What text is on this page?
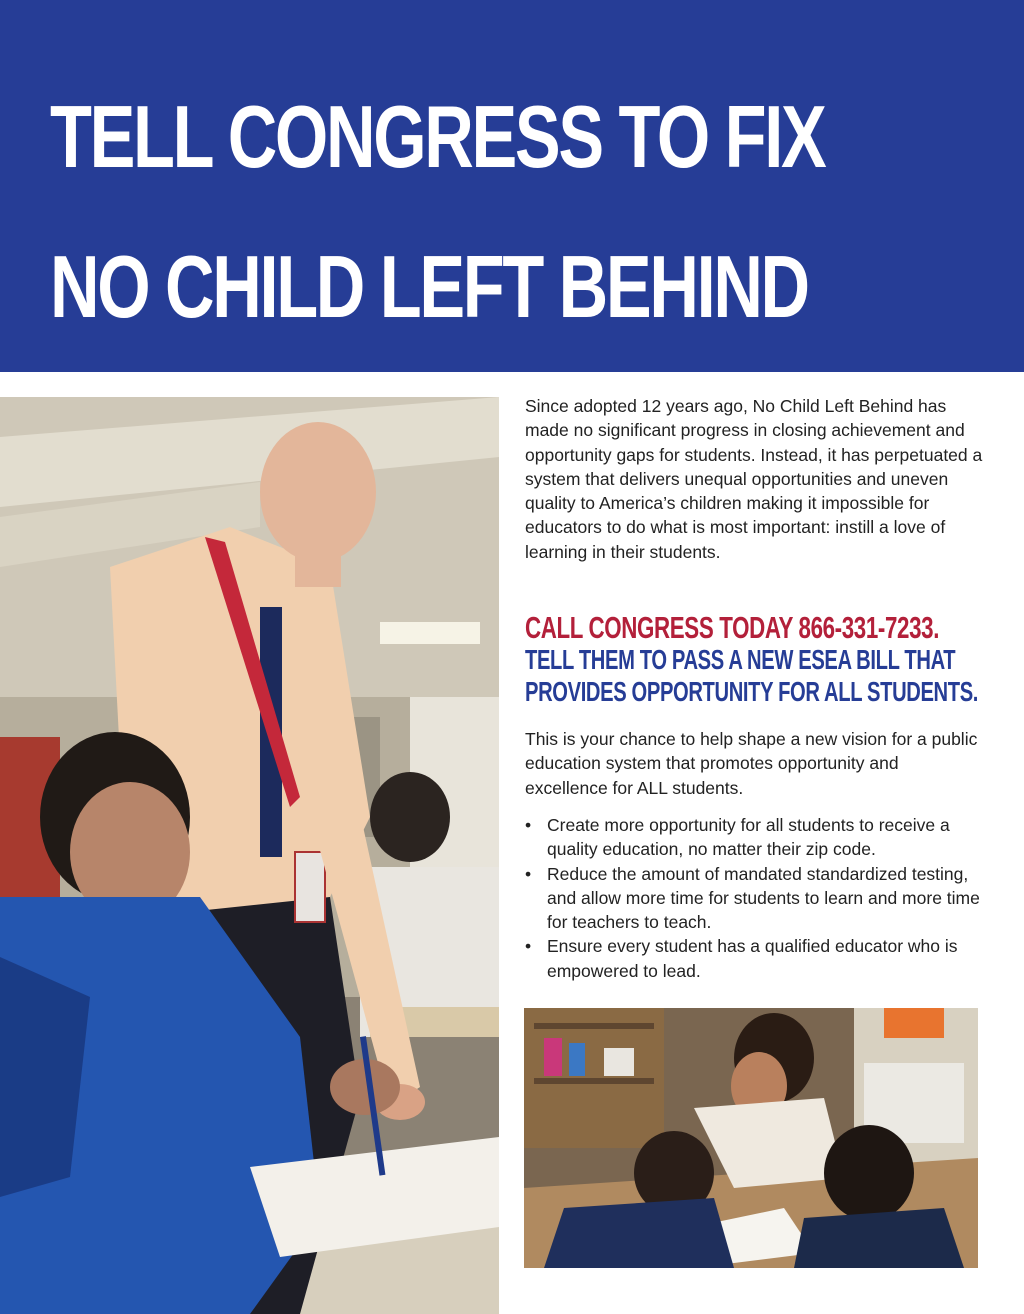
TELL CONGRESS TO FIX
NO CHILD LEFT BEHIND

Since adopted 12 years ago, No Child Left Behind has made no significant progress in closing achievement and opportunity gaps for students. Instead, it has perpetuated a system that delivers unequal opportunities and uneven quality to America’s children making it impossible for educators to do what is most important: instill a love of learning in their students.

CALL CONGRESS TODAY 866-331-7233.
TELL THEM TO PASS A NEW ESEA BILL THAT
PROVIDES OPPORTUNITY FOR ALL STUDENTS.

This is your chance to help shape a new vision for a public education system that promotes opportunity and excellence for ALL students.

• Create more opportunity for all students to receive a quality education, no matter their zip code.
• Reduce the amount of mandated standardized testing, and allow more time for students to learn and more time for teachers to teach.
• Ensure every student has a qualified educator who is empowered to lead.
